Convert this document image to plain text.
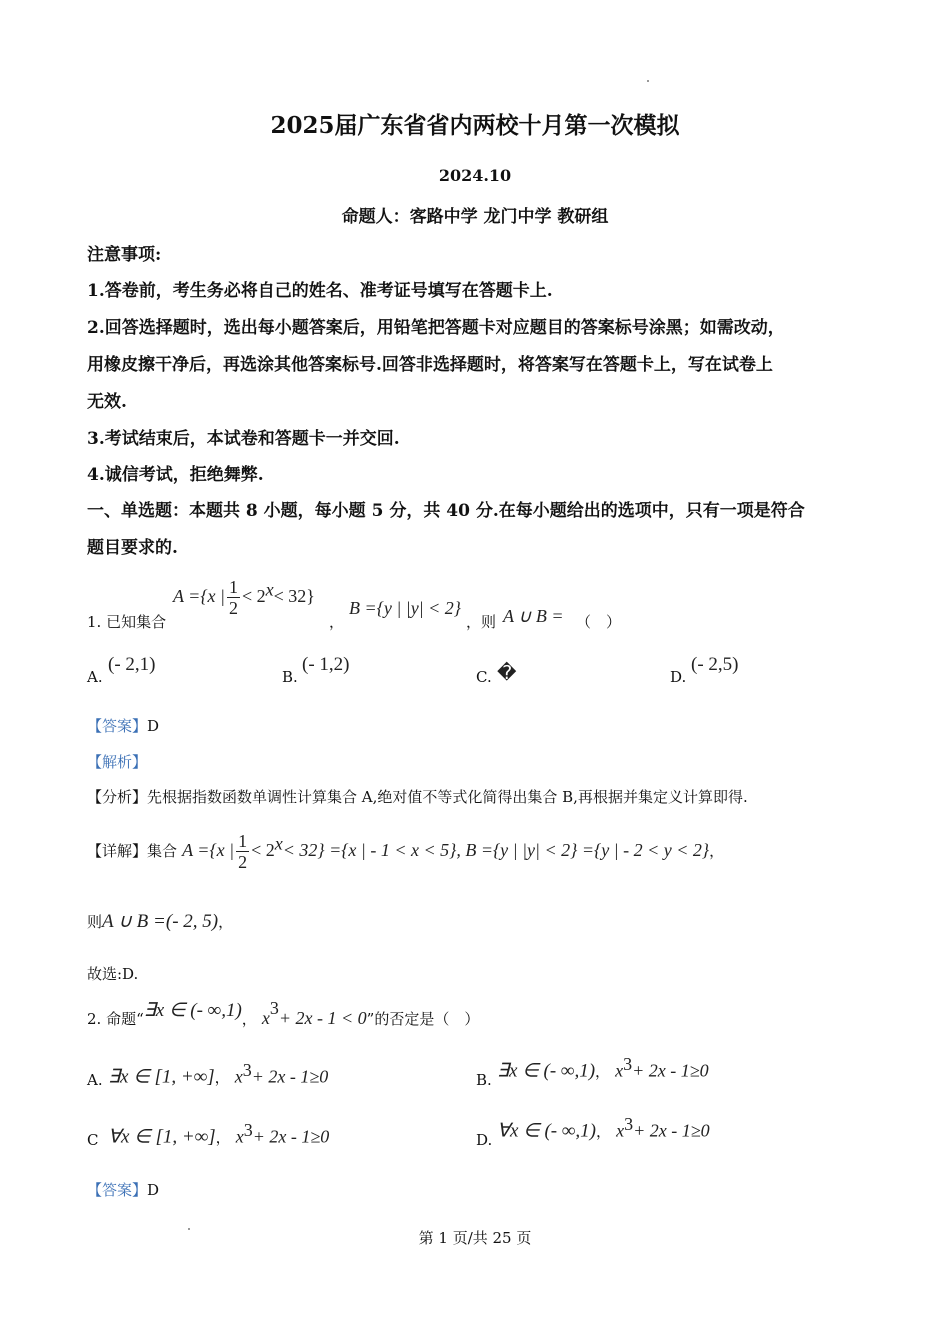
2025届广东省省内两校十月第一次模拟
2024.10
命题人：客路中学 龙门中学 教研组
注意事项:
1.答卷前，考生务必将自己的姓名、准考证号填写在答题卡上.
2.回答选择题时，选出每小题答案后，用铅笔把答题卡对应题目的答案标号涂黑；如需改动，
用橡皮擦干净后，再选涂其他答案标号.回答非选择题时，将答案写在答题卡上，写在试卷上
无效.
3.考试结束后，本试卷和答题卡一并交回.
4.诚信考试，拒绝舞弊.
一、单选题：本题共 8 小题，每小题 5 分，共 40 分.在每小题给出的选项中，只有一项是符合
题目要求的.
1. 已知集合
A ={x | $\frac{1}{2} < 2^x< 32$}
，
B ={y | |y| < 2}
，则 A ∪ B = （　）
A.
(- 2,1)
B.
(- 1,2)
C. �	D.
(- 2,5)
【答案】D
【解析】
【分析】先根据指数函数单调性计算集合 A,绝对值不等式化简得出集合 B,再根据并集定义计算即得.
【详解】集合 A ={x | $\frac{1}{2} < 2^x< 32\} =\{x$ | - 1 < x < 5}, B ={y | |y| < 2} ={y | - 2 < y < 2}，
则A ∪ B =(- 2, 5)，
故选:D.
2. 命题“∃x ∈ (- ∞,1)， $x^3+ 2x - 1 < 0$”的否定是（　）
A. ∃x ∈ [1, +∞]， $x^3+ 2x - 1\ge 0$	B. ∃x ∈ (- ∞,1)， $x^3+ 2x - 1\ge 0$
C ∀x ∈ [1, +∞]， $x^3+ 2x - 1\ge 0$	D. ∀x ∈ (- ∞,1)， $x^3+ 2x - 1\ge 0$
【答案】D
第 1 页/共 25 页
